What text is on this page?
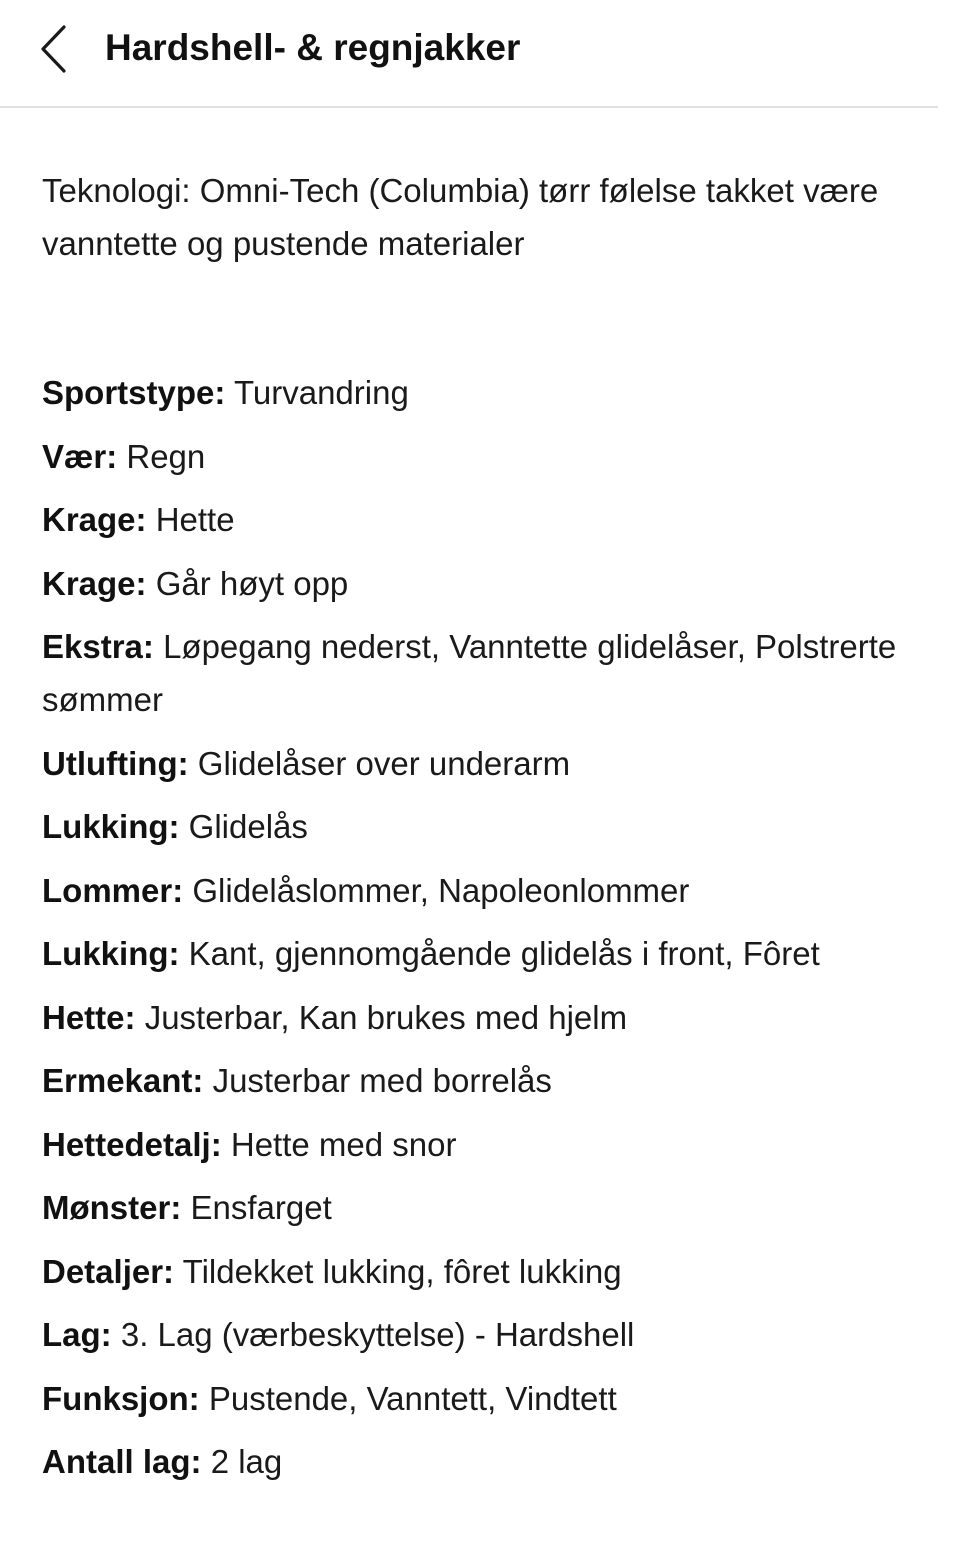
Hardshell- & regnjakker

Teknologi: Omni-Tech (Columbia) tørr følelse takket være vanntette og pustende materialer

Sportstype: Turvandring
Vær: Regn
Krage: Hette
Krage: Går høyt opp
Ekstra: Løpegang nederst, Vanntette glidelåser, Polstrerte sømmer
Utlufting: Glidelåser over underarm
Lukking: Glidelås
Lommer: Glidelåslommer, Napoleonlommer
Lukking: Kant, gjennomgående glidelås i front, Fôret
Hette: Justerbar, Kan brukes med hjelm
Ermekant: Justerbar med borrelås
Hettedetalj: Hette med snor
Mønster: Ensfarget
Detaljer: Tildekket lukking, fôret lukking
Lag: 3. Lag (værbeskyttelse) - Hardshell
Funksjon: Pustende, Vanntett, Vindtett
Antall lag: 2 lag
